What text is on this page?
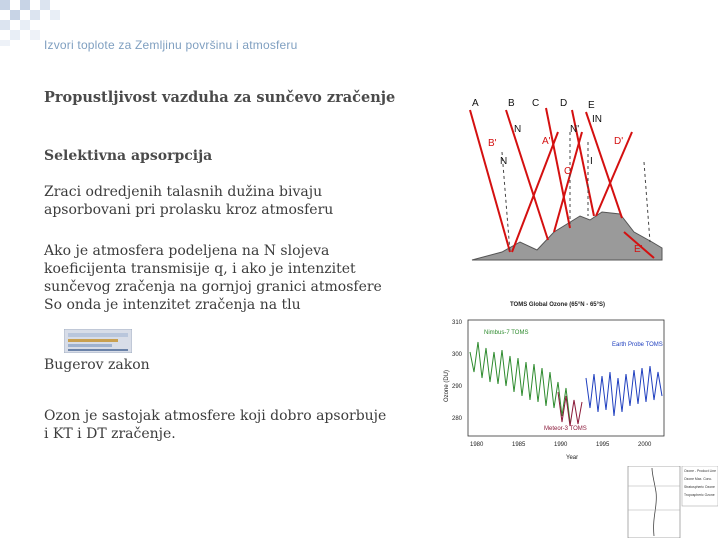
Izvori toplote za Zemljinu površinu i atmosferu
Propustljivost vazduha za sunčevo zračenje
Selektivna apsorpcija
Zraci odredjenih talasnih dužina bivaju apsorbovani pri prolasku kroz atmosferu
Ako je atmosfera podeljena na N slojeva koeficijenta transmisije q, i ako je intenzitet sunčevog zračenja na gornjoj granici atmosfere So onda je intenzitet zračenja na tlu
Bugerov zakon
Ozon je sastojak atmosfere koji dobro apsorbuje i KT i DT zračenje.
A	B C D E
N	N'
IN
B'	A'
C'
D'
N	I
E'
TOMS Global Ozone (65°N - 65°S)
310
300
290
280
1980	1985	1990	1995	2000
Year
Ozone (DU)
Nimbus-7 TOMS
Meteor-3 TOMS
Earth Probe TOMS
Ozone - Product Line
Ozone Max. Conc.
Stratospheric Ozone
Tropospheric Ozone
